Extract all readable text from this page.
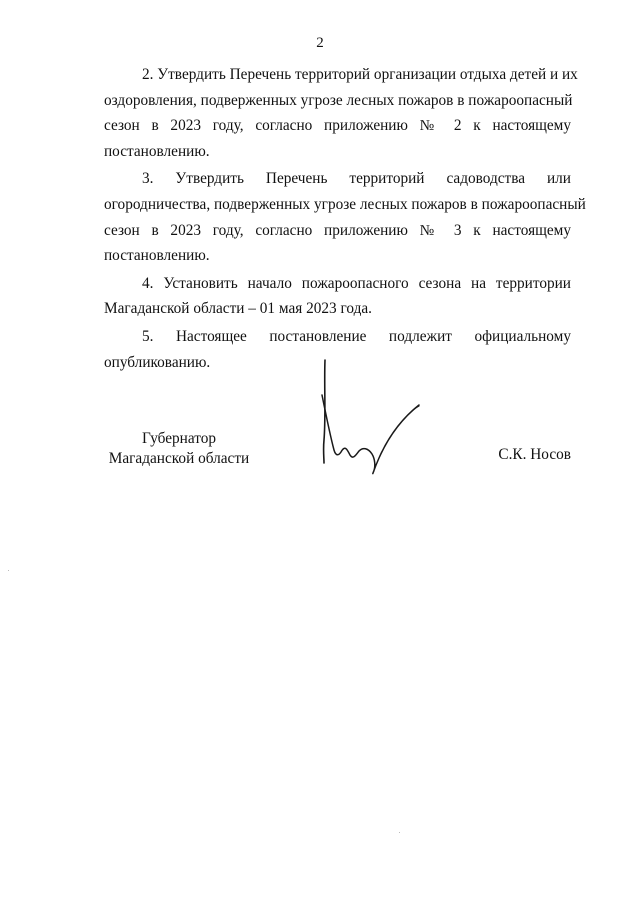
2

2. Утвердить Перечень территорий организации отдыха детей и их
оздоровления, подверженных угрозе лесных пожаров в пожароопасный
сезон в 2023 году, согласно приложению № 2 к настоящему
постановлению.

3. Утвердить Перечень территорий садоводства или
огородничества, подверженных угрозе лесных пожаров в пожароопасный
сезон в 2023 году, согласно приложению № 3 к настоящему
постановлению.

4. Установить начало пожароопасного сезона на территории
Магаданской области – 01 мая 2023 года.

5. Настоящее постановление подлежит официальному
опубликованию.

Губернатор
Магаданской области	С.К. Носов
